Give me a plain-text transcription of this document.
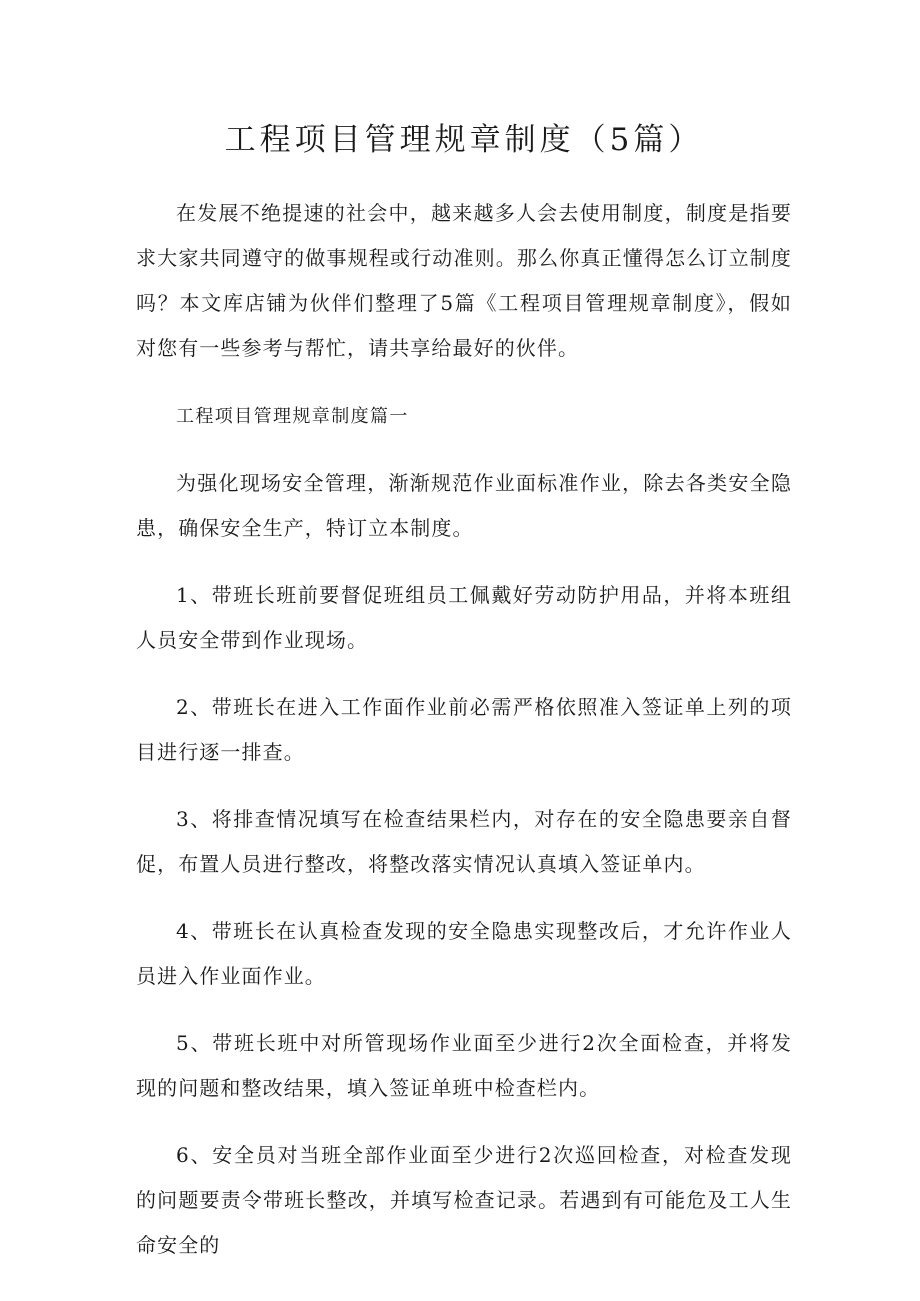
工程项目管理规章制度（5篇）

在发展不绝提速的社会中，越来越多人会去使用制度，制度是指要求大家共同遵守的做事规程或行动准则。那么你真正懂得怎么订立制度吗？本文库店铺为伙伴们整理了5篇《工程项目管理规章制度》，假如对您有一些参考与帮忙，请共享给最好的伙伴。

工程项目管理规章制度篇一

为强化现场安全管理，渐渐规范作业面标准作业，除去各类安全隐患，确保安全生产，特订立本制度。

1、带班长班前要督促班组员工佩戴好劳动防护用品，并将本班组人员安全带到作业现场。

2、带班长在进入工作面作业前必需严格依照准入签证单上列的项目进行逐一排查。

3、将排查情况填写在检查结果栏内，对存在的安全隐患要亲自督促，布置人员进行整改，将整改落实情况认真填入签证单内。

4、带班长在认真检查发现的安全隐患实现整改后，才允许作业人员进入作业面作业。

5、带班长班中对所管现场作业面至少进行2次全面检查，并将发现的问题和整改结果，填入签证单班中检查栏内。

6、安全员对当班全部作业面至少进行2次巡回检查，对检查发现的问题要责令带班长整改，并填写检查记录。若遇到有可能危及工人生命安全的
